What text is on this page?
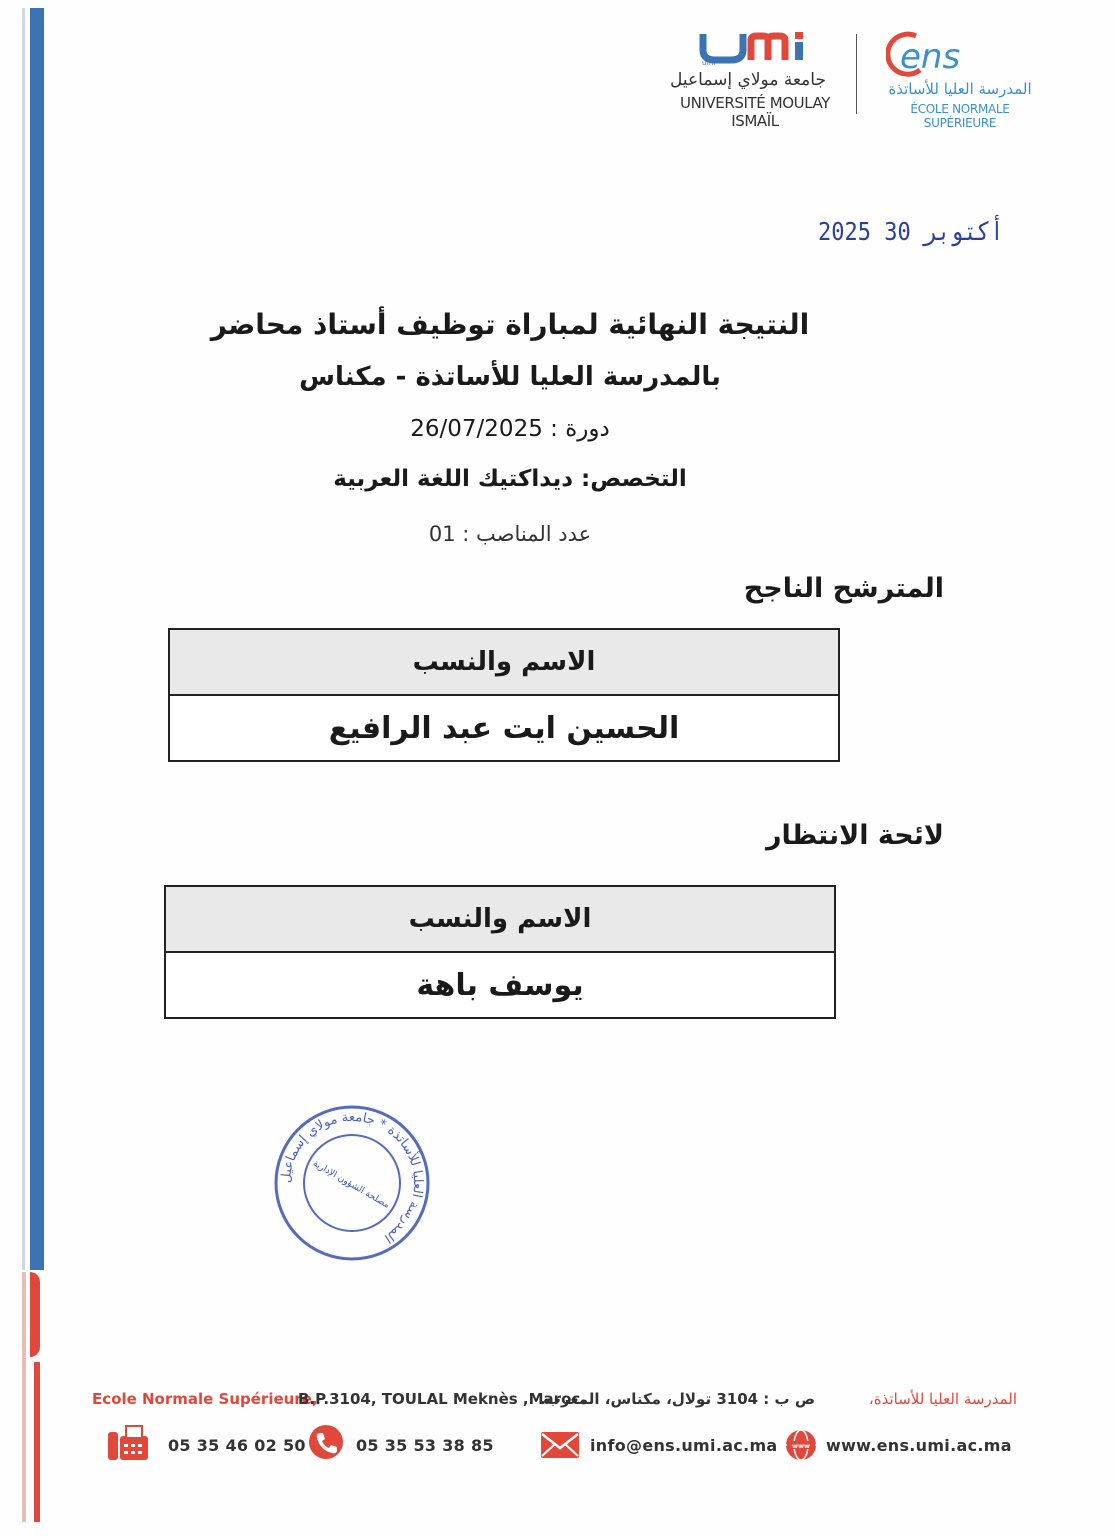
umi
جامعة مولاي إسماعيل
UNIVERSITÉ MOULAY ISMAÏL
ens
المدرسة العليا للأساتذة
ÉCOLE NORMALE SUPÉRIEURE
2025 أكتوبر 30
النتيجة النهائية لمباراة توظيف أستاذ محاضر
بالمدرسة العليا للأساتذة - مكناس
دورة : 26/07/2025
التخصص: ديداكتيك اللغة العربية
عدد المناصب : 01
المترشح الناجح
الاسم والنسب
الحسين ايت عبد الرافيع
لائحة الانتظار
الاسم والنسب
يوسف باهة
المدرسة العليا للأساتذة * جامعة مولاي إسماعيل
مصلحة الشؤون الإدارية
Ecole Normale Supérieure,
B.P.3104, TOULAL Meknès ,Maroc.	المدرسة العليا للأساتذة،
ص ب : 3104 تولال، مكناس، المغرب.
05 35 46 02 50	05 35 53 38 85	info@ens.umi.ac.ma www www.ens.umi.ac.ma
